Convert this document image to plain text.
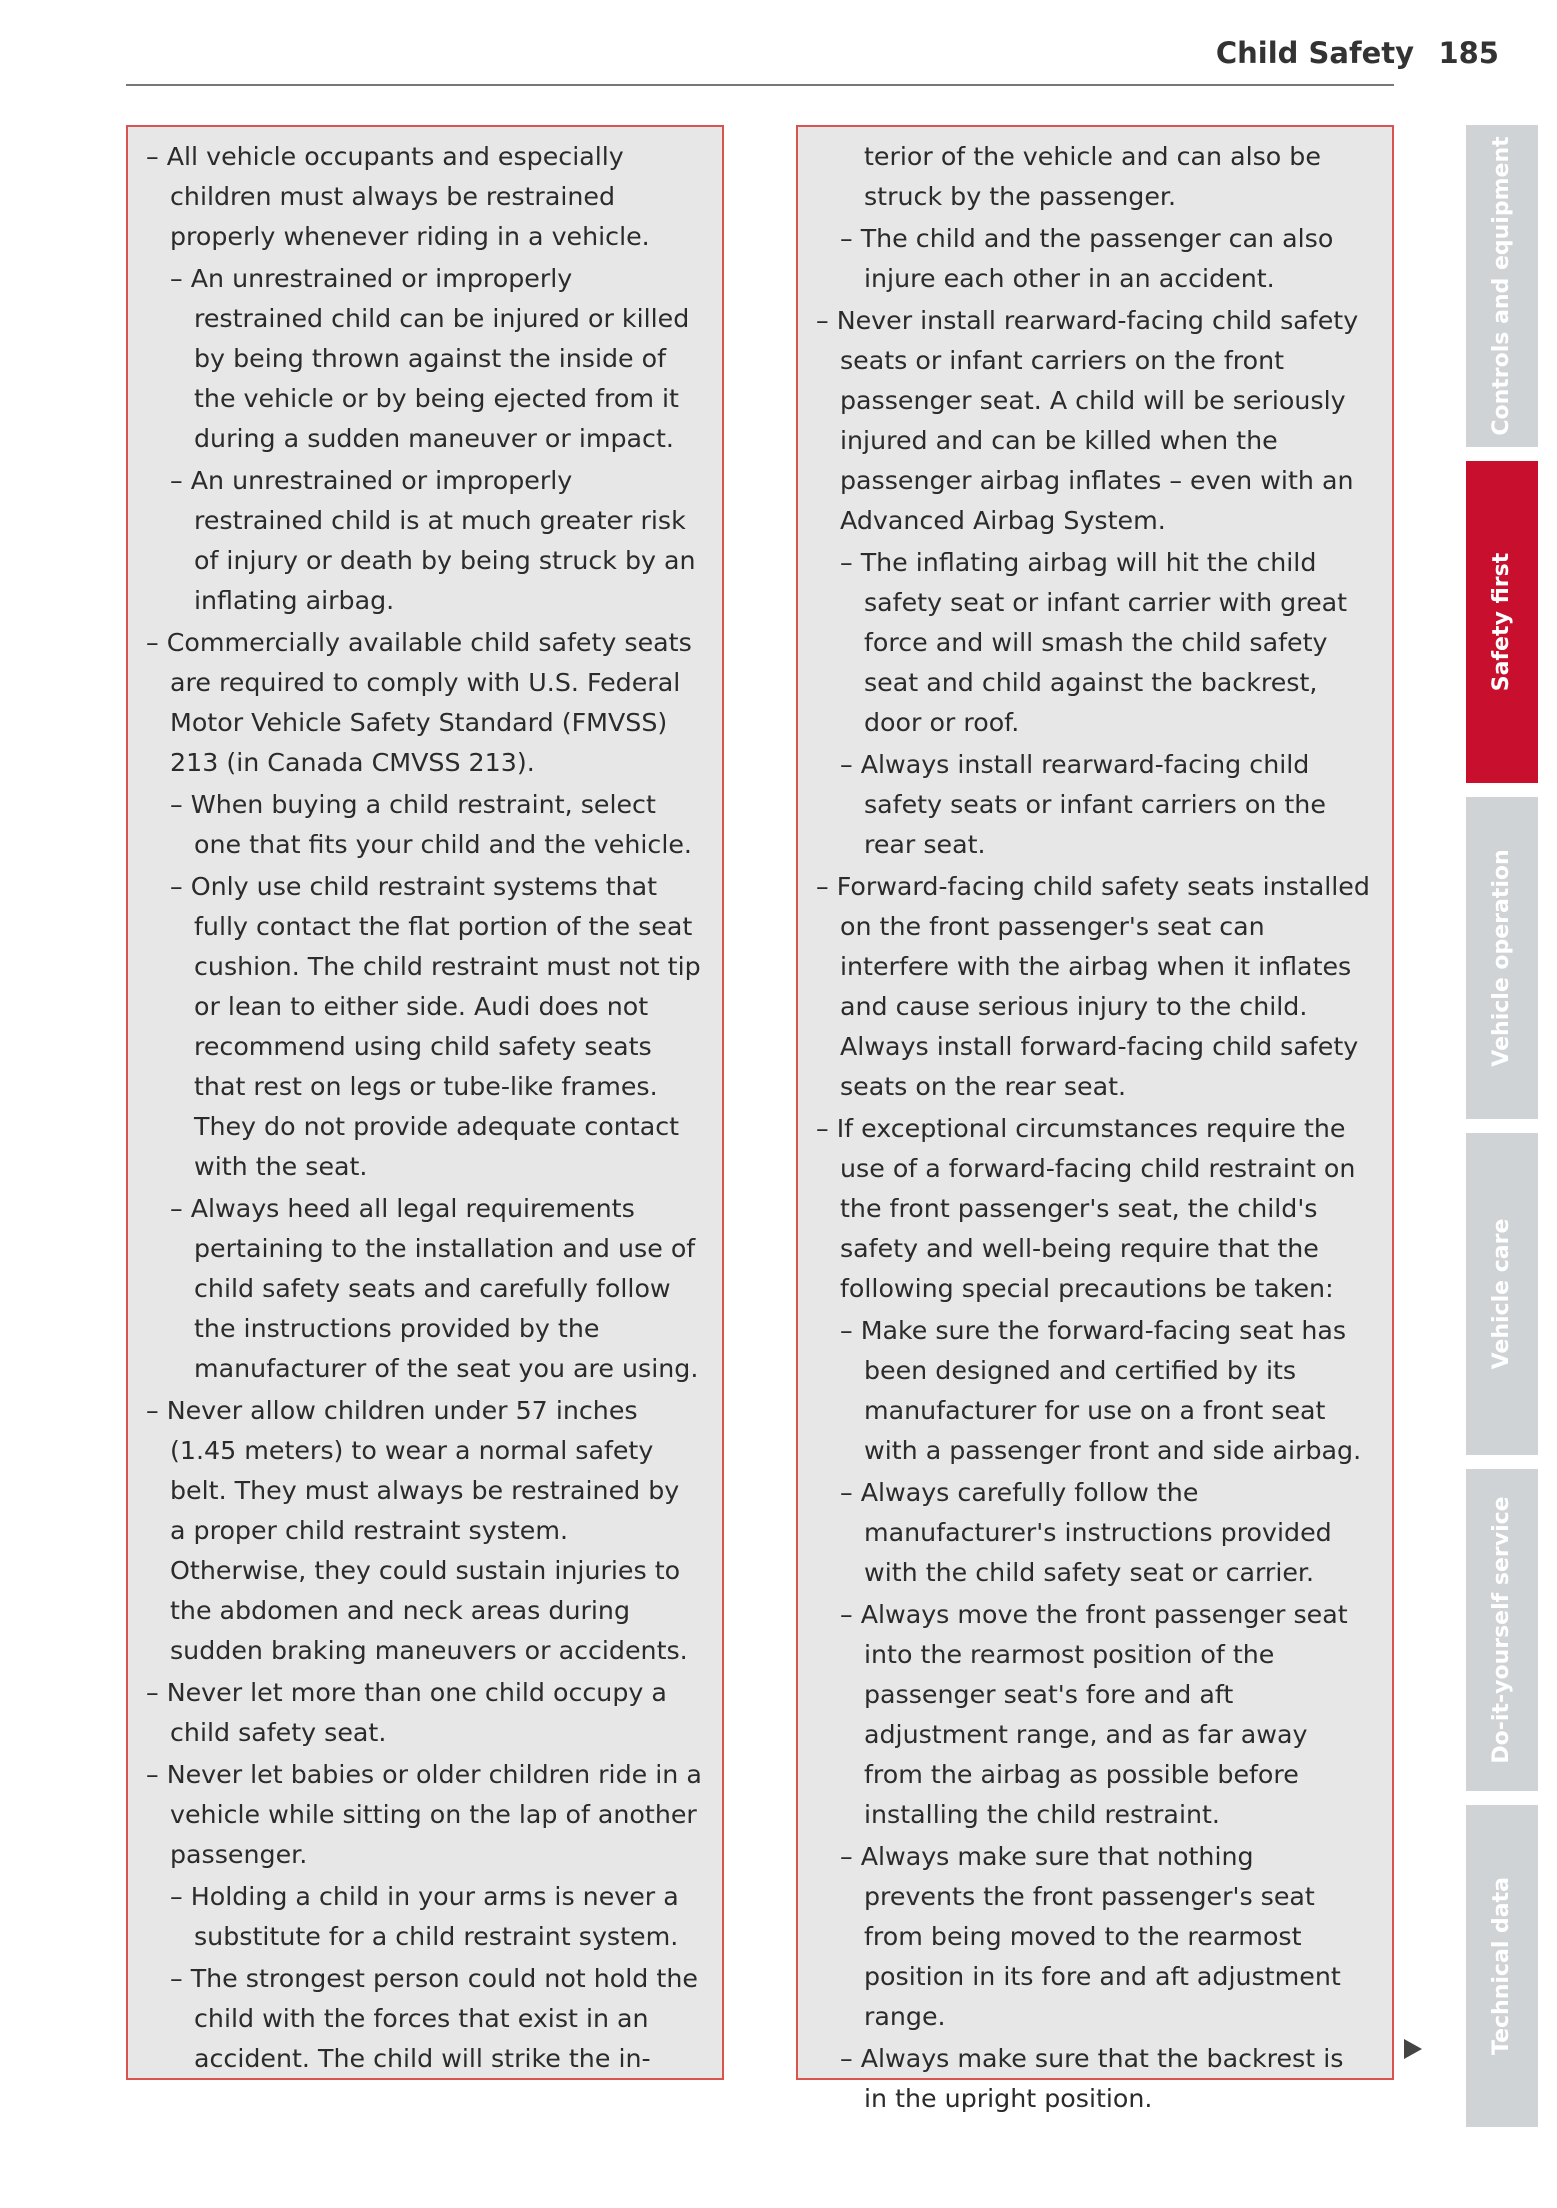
Child Safety 185
– All vehicle occupants and especially children must always be restrained properly whenever riding in a vehicle.
– An unrestrained or improperly restrained child can be injured or killed by being thrown against the inside of the vehicle or by being ejected from it during a sudden maneuver or impact.
– An unrestrained or improperly restrained child is at much greater risk of injury or death by being struck by an inflating airbag.
– Commercially available child safety seats are required to comply with U.S. Federal Motor Vehicle Safety Standard (FMVSS) 213 (in Canada CMVSS 213).
– When buying a child restraint, select one that fits your child and the vehicle.
– Only use child restraint systems that fully contact the flat portion of the seat cushion. The child restraint must not tip or lean to either side. Audi does not recommend using child safety seats that rest on legs or tube-like frames. They do not provide adequate contact with the seat.
– Always heed all legal requirements pertaining to the installation and use of child safety seats and carefully follow the instructions provided by the manufacturer of the seat you are using.
– Never allow children under 57 inches (1.45 meters) to wear a normal safety belt. They must always be restrained by a proper child restraint system. Otherwise, they could sustain injuries to the abdomen and neck areas during sudden braking maneuvers or accidents.
– Never let more than one child occupy a child safety seat.
– Never let babies or older children ride in a vehicle while sitting on the lap of another passenger.
– Holding a child in your arms is never a substitute for a child restraint system.
– The strongest person could not hold the child with the forces that exist in an accident. The child will strike the in-
terior of the vehicle and can also be struck by the passenger.
– The child and the passenger can also injure each other in an accident.
– Never install rearward-facing child safety seats or infant carriers on the front passenger seat. A child will be seriously injured and can be killed when the passenger airbag inflates – even with an Advanced Airbag System.
– The inflating airbag will hit the child safety seat or infant carrier with great force and will smash the child safety seat and child against the backrest, door or roof.
– Always install rearward-facing child safety seats or infant carriers on the rear seat.
– Forward-facing child safety seats installed on the front passenger's seat can interfere with the airbag when it inflates and cause serious injury to the child. Always install forward-facing child safety seats on the rear seat.
– If exceptional circumstances require the use of a forward-facing child restraint on the front passenger's seat, the child's safety and well-being require that the following special precautions be taken:
– Make sure the forward-facing seat has been designed and certified by its manufacturer for use on a front seat with a passenger front and side airbag.
– Always carefully follow the manufacturer's instructions provided with the child safety seat or carrier.
– Always move the front passenger seat into the rearmost position of the passenger seat's fore and aft adjustment range, and as far away from the airbag as possible before installing the child restraint.
– Always make sure that nothing prevents the front passenger's seat from being moved to the rearmost position in its fore and aft adjustment range.
– Always make sure that the backrest is in the upright position.
Controls and equipment
Safety first
Vehicle operation
Vehicle care
Do-it-yourself service
Technical data
